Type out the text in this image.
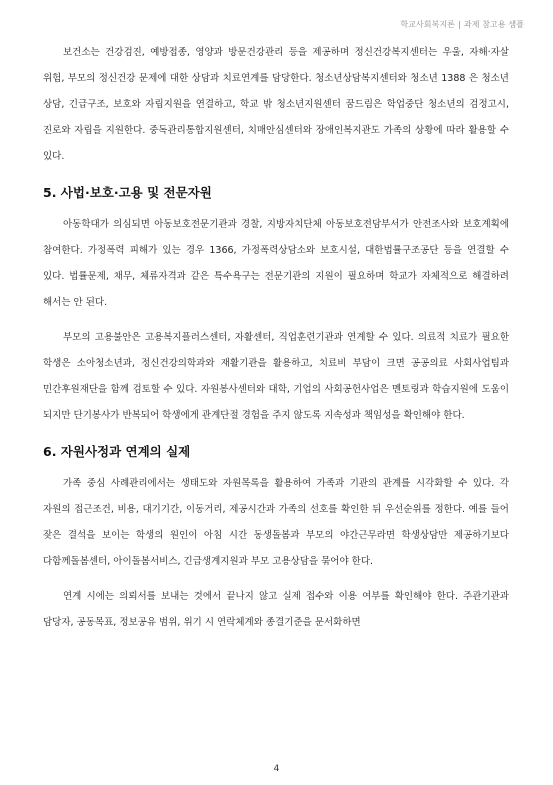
학교사회복지론 | 과제 참고용 샘플

보건소는 건강검진, 예방접종, 영양과 방문건강관리 등을 제공하며 정신건강복지센터는 우울, 자해·자살 위험, 부모의 정신건강 문제에 대한 상담과 치료연계를 담당한다. 청소년상담복지센터와 청소년 1388 은 청소년 상담, 긴급구조, 보호와 자립지원을 연결하고, 학교 밖 청소년지원센터 꿈드림은 학업중단 청소년의 검정고시, 진로와 자립을 지원한다. 중독관리통합지원센터, 치매안심센터와 장애인복지관도 가족의 상황에 따라 활용할 수 있다.

5. 사법·보호·고용 및 전문자원

아동학대가 의심되면 아동보호전문기관과 경찰, 지방자치단체 아동보호전담부서가 안전조사와 보호계획에 참여한다. 가정폭력 피해가 있는 경우 1366, 가정폭력상담소와 보호시설, 대한법률구조공단 등을 연결할 수 있다. 법률문제, 채무, 체류자격과 같은 특수욕구는 전문기관의 지원이 필요하며 학교가 자체적으로 해결하려 해서는 안 된다.

부모의 고용불안은 고용복지플러스센터, 자활센터, 직업훈련기관과 연계할 수 있다. 의료적 치료가 필요한 학생은 소아청소년과, 정신건강의학과와 재활기관을 활용하고, 치료비 부담이 크면 공공의료 사회사업팀과 민간후원재단을 함께 검토할 수 있다. 자원봉사센터와 대학, 기업의 사회공헌사업은 멘토링과 학습지원에 도움이 되지만 단기봉사가 반복되어 학생에게 관계단절 경험을 주지 않도록 지속성과 책임성을 확인해야 한다.

6. 자원사정과 연계의 실제

가족 중심 사례관리에서는 생태도와 자원목록을 활용하여 가족과 기관의 관계를 시각화할 수 있다. 각 자원의 접근조건, 비용, 대기기간, 이동거리, 제공시간과 가족의 선호를 확인한 뒤 우선순위를 정한다. 예를 들어 잦은 결석을 보이는 학생의 원인이 아침 시간 동생돌봄과 부모의 야간근무라면 학생상담만 제공하기보다 다함께돌봄센터, 아이돌봄서비스, 긴급생계지원과 부모 고용상담을 묶어야 한다.

연계 시에는 의뢰서를 보내는 것에서 끝나지 않고 실제 접수와 이용 여부를 확인해야 한다. 주관기관과 담당자, 공동목표, 정보공유 범위, 위기 시 연락체계와 종결기준을 문서화하면

4
